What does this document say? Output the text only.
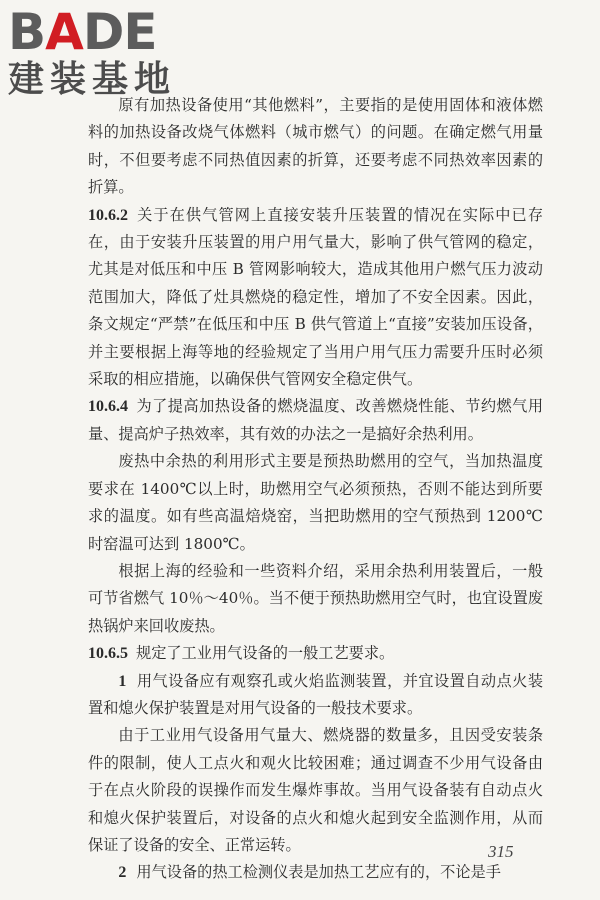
BADE
建装基地

原有加热设备使用“其他燃料”，主要指的是使用固体和液体燃料的加热设备改烧气体燃料（城市燃气）的问题。在确定燃气用量时，不但要考虑不同热值因素的折算，还要考虑不同热效率因素的折算。

10.6.2 关于在供气管网上直接安装升压装置的情况在实际中已存在，由于安装升压装置的用户用气量大，影响了供气管网的稳定，尤其是对低压和中压 B 管网影响较大，造成其他用户燃气压力波动范围加大，降低了灶具燃烧的稳定性，增加了不安全因素。因此，条文规定“严禁”在低压和中压 B 供气管道上“直接”安装加压设备，并主要根据上海等地的经验规定了当用户用气压力需要升压时必须采取的相应措施，以确保供气管网安全稳定供气。

10.6.4 为了提高加热设备的燃烧温度、改善燃烧性能、节约燃气用量、提高炉子热效率，其有效的办法之一是搞好余热利用。

废热中余热的利用形式主要是预热助燃用的空气，当加热温度要求在 1400℃以上时，助燃用空气必须预热，否则不能达到所要求的温度。如有些高温焙烧窑，当把助燃用的空气预热到 1200℃时窑温可达到 1800℃。

根据上海的经验和一些资料介绍，采用余热利用装置后，一般可节省燃气 10％～40％。当不便于预热助燃用空气时，也宜设置废热锅炉来回收废热。

10.6.5 规定了工业用气设备的一般工艺要求。

1 用气设备应有观察孔或火焰监测装置，并宜设置自动点火装置和熄火保护装置是对用气设备的一般技术要求。

由于工业用气设备用气量大、燃烧器的数量多，且因受安装条件的限制，使人工点火和观火比较困难；通过调查不少用气设备由于在点火阶段的误操作而发生爆炸事故。当用气设备装有自动点火和熄火保护装置后，对设备的点火和熄火起到安全监测作用，从而保证了设备的安全、正常运转。

2 用气设备的热工检测仪表是加热工艺应有的，不论是手

315
